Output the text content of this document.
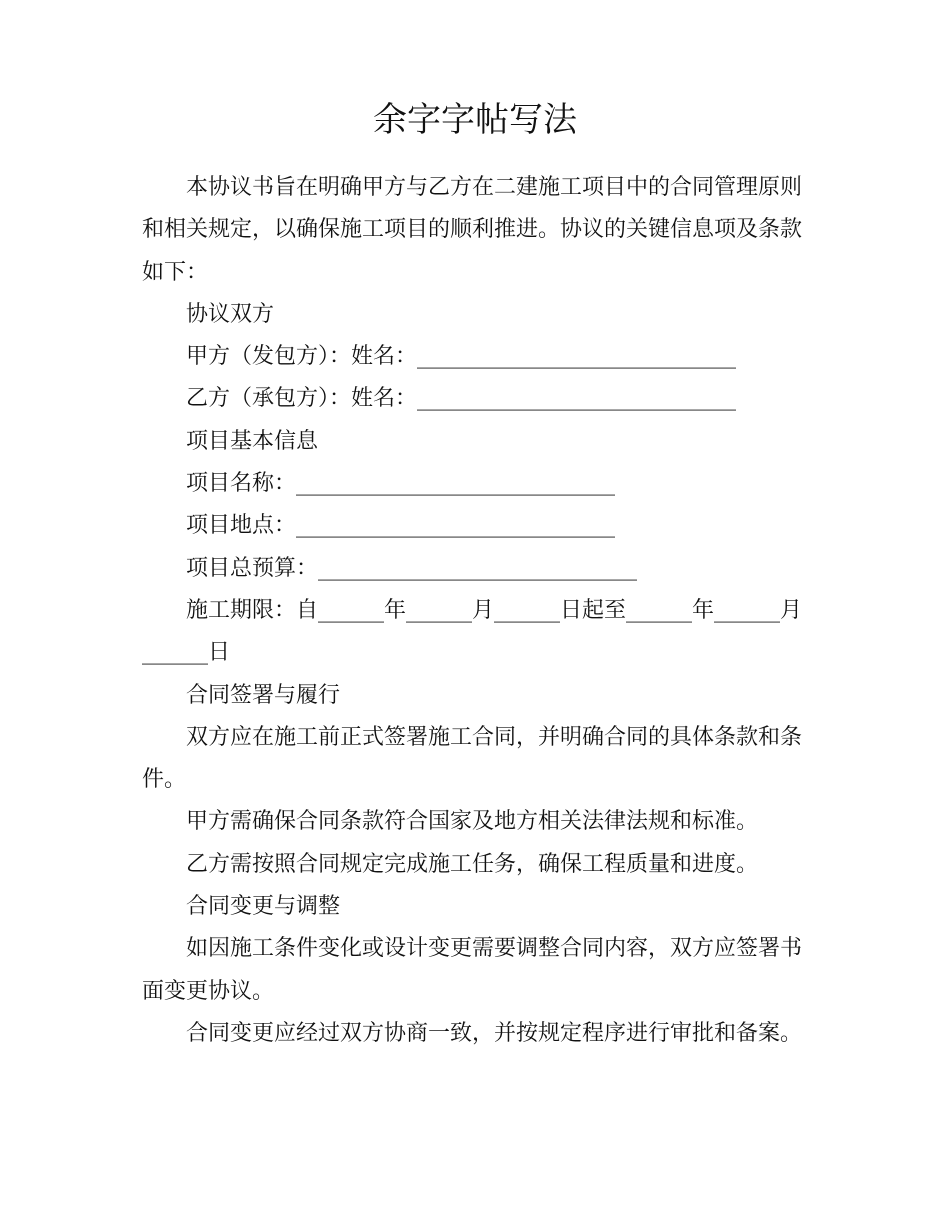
余字字帖写法
本协议书旨在明确甲方与乙方在二建施工项目中的合同管理原则
和相关规定，以确保施工项目的顺利推进。协议的关键信息项及条款
如下：
协议双方
甲方（发包方）：姓名：_____________________________
乙方（承包方）：姓名：_____________________________
项目基本信息
项目名称：_____________________________
项目地点：_____________________________
项目总预算：_____________________________
施工期限：自______年______月______日起至______年______月
______日
合同签署与履行
双方应在施工前正式签署施工合同，并明确合同的具体条款和条
件。
甲方需确保合同条款符合国家及地方相关法律法规和标准。
乙方需按照合同规定完成施工任务，确保工程质量和进度。
合同变更与调整
如因施工条件变化或设计变更需要调整合同内容，双方应签署书
面变更协议。
合同变更应经过双方协商一致，并按规定程序进行审批和备案。
